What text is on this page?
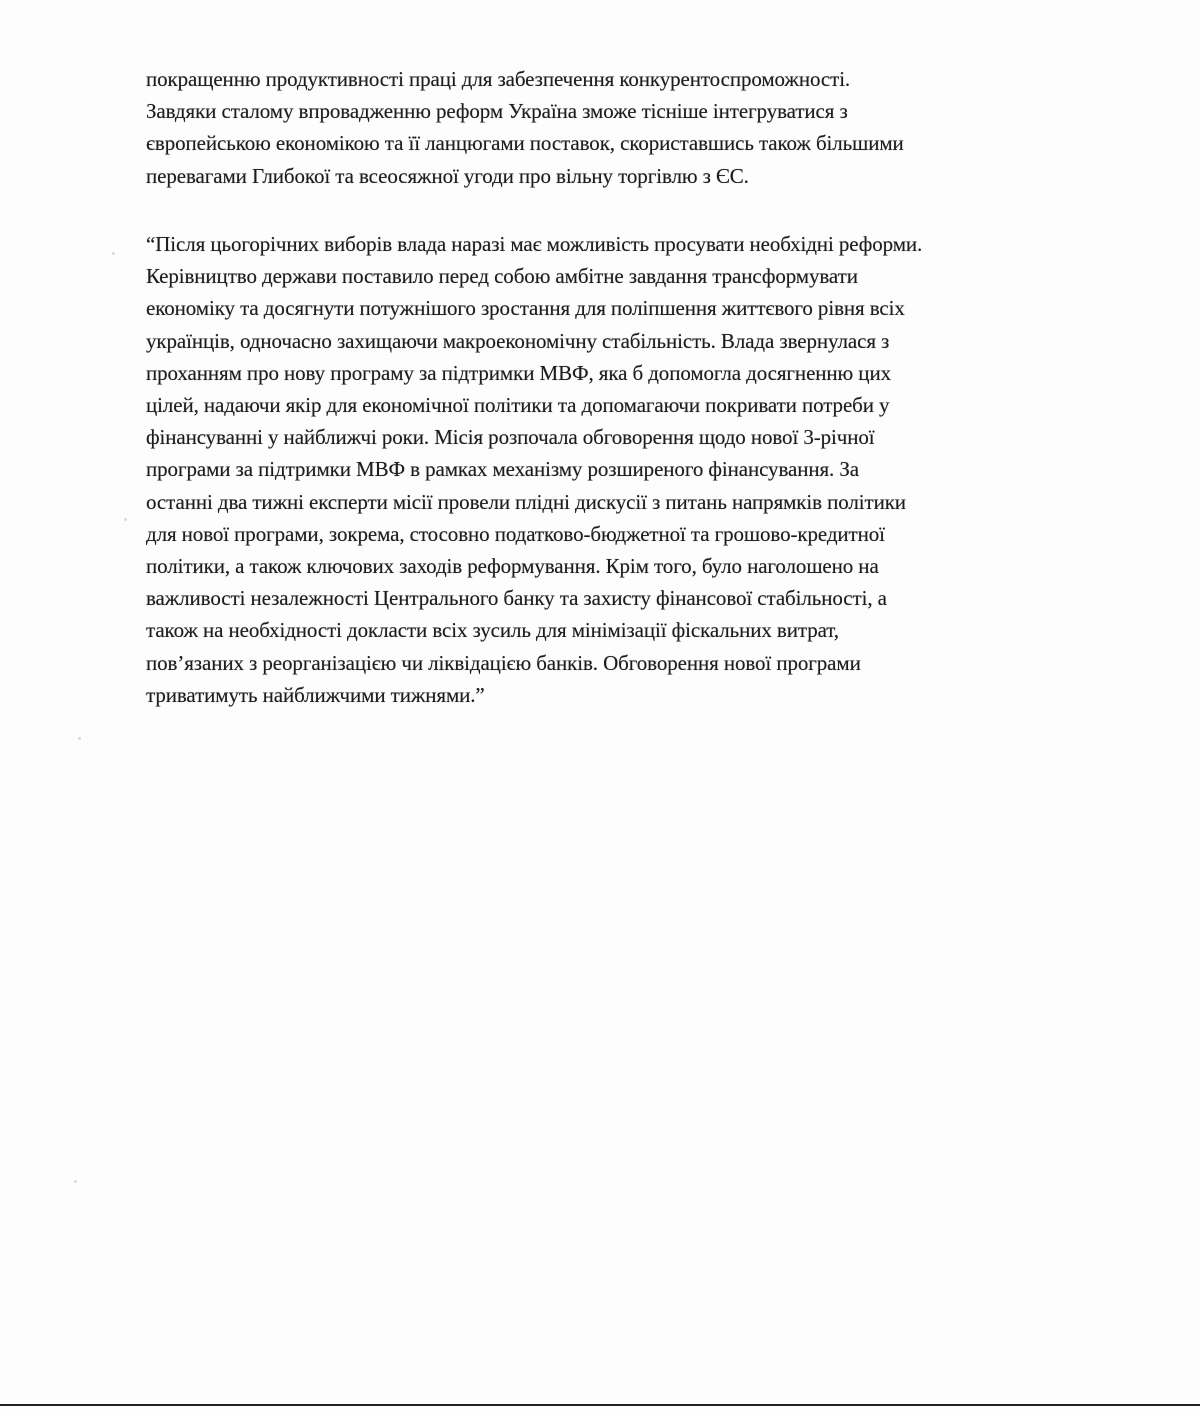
покращенню продуктивності праці для забезпечення конкурентоспроможності.
Завдяки сталому впровадженню реформ Україна зможе тісніше інтегруватися з
європейською економікою та її ланцюгами поставок, скориставшись також більшими
перевагами Глибокої та всеосяжної угоди про вільну торгівлю з ЄС.
“Після цьогорічних виборів влада наразі має можливість просувати необхідні реформи.
Керівництво держави поставило перед собою амбітне завдання трансформувати
економіку та досягнути потужнішого зростання для поліпшення життєвого рівня всіх
українців, одночасно захищаючи макроекономічну стабільність. Влада звернулася з
проханням про нову програму за підтримки МВФ, яка б допомогла досягненню цих
цілей, надаючи якір для економічної політики та допомагаючи покривати потреби у
фінансуванні у найближчі роки. Місія розпочала обговорення щодо нової 3-річної
програми за підтримки МВФ в рамках механізму розширеного фінансування. За
останні два тижні експерти місії провели плідні дискусії з питань напрямків політики
для нової програми, зокрема, стосовно податково-бюджетної та грошово-кредитної
політики, а також ключових заходів реформування. Крім того, було наголошено на
важливості незалежності Центрального банку та захисту фінансової стабільності, а
також на необхідності докласти всіх зусиль для мінімізації фіскальних витрат,
пов’язаних з реорганізацією чи ліквідацією банків. Обговорення нової програми
триватимуть найближчими тижнями.”
